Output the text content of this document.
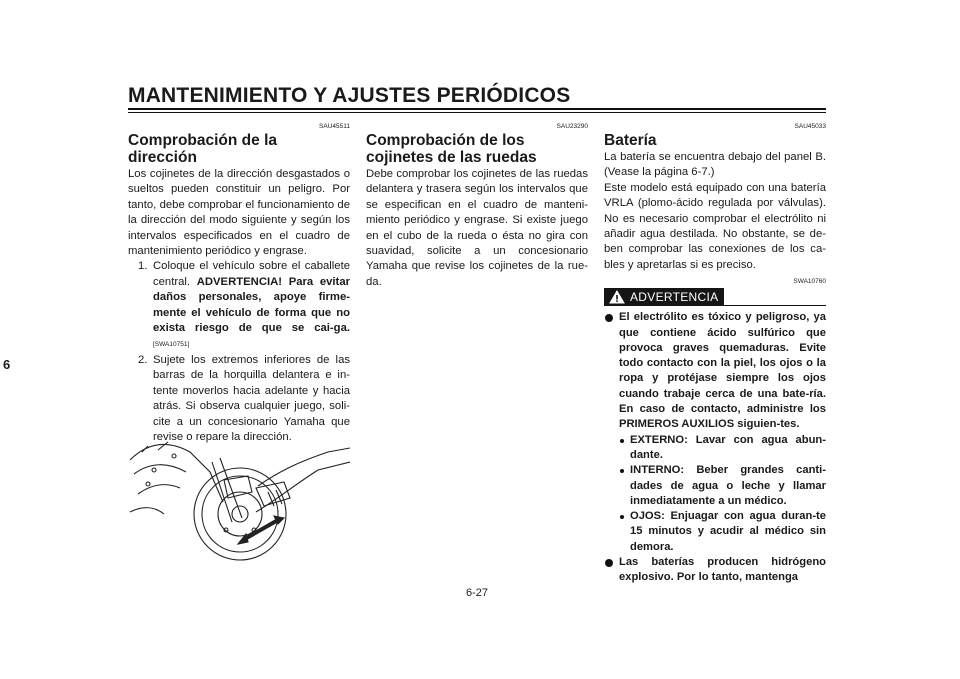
MANTENIMIENTO Y AJUSTES PERIÓDICOS
6
SAU45511
Comprobación de la dirección

Los cojinetes de la dirección desgastados o sueltos pueden constituir un peligro. Por tanto, debe comprobar el funcionamiento de la dirección del modo siguiente y según los intervalos especificados en el cuadro de mantenimiento periódico y engrase.

1. Coloque el vehículo sobre el caballete central. ADVERTENCIA! Para evitar daños personales, apoye firme-mente el vehículo de forma que no exista riesgo de que se cai-ga.[SWA10751]
2. Sujete los extremos inferiores de las barras de la horquilla delantera e in-tente moverlos hacia adelante y hacia atrás. Si observa cualquier juego, soli-cite a un concesionario Yamaha que revise o repare la dirección.
SAU23290
Comprobación de los cojinetes de las ruedas

Debe comprobar los cojinetes de las ruedas delantera y trasera según los intervalos que se especifican en el cuadro de manteni-miento periódico y engrase. Si existe juego en el cubo de la rueda o ésta no gira con suavidad, solicite a un concesionario Yamaha que revise los cojinetes de la rue-da.

SAU45033
Batería

La batería se encuentra debajo del panel B. (Vease la página 6-7.)

Este modelo está equipado con una batería VRLA (plomo-ácido regulada por válvulas). No es necesario comprobar el electrólito ni añadir agua destilada. No obstante, se de-ben comprobar las conexiones de los ca-bles y apretarlas si es preciso.

SWA10760
ADVERTENCIA
El electrólito es tóxico y peligroso, ya que contiene ácido sulfúrico que provoca graves quemaduras. Evite todo contacto con la piel, los ojos o la ropa y protéjase siempre los ojos cuando trabaje cerca de una bate-ría. En caso de contacto, administre los PRIMEROS AUXILIOS siguien-tes.
EXTERNO: Lavar con agua abun-dante.
INTERNO: Beber grandes canti-dades de agua o leche y llamar inmediatamente a un médico.
OJOS: Enjuagar con agua duran-te 15 minutos y acudir al médico sin demora.
Las baterías producen hidrógeno explosivo. Por lo tanto, mantenga
6-27
